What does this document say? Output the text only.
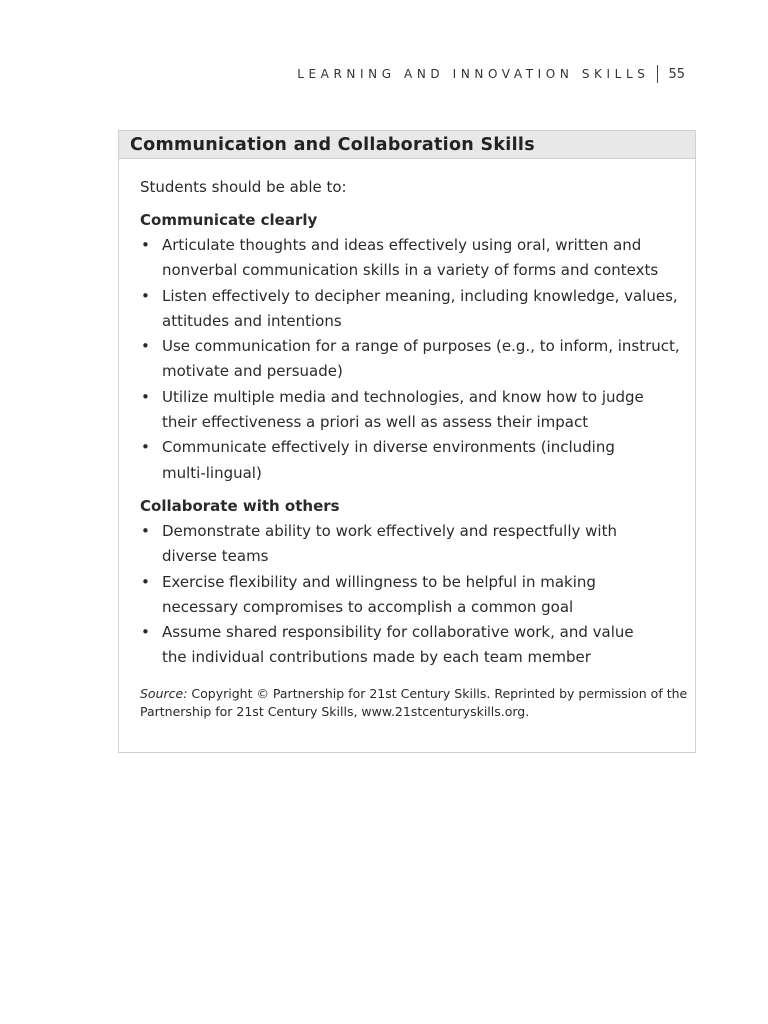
LEARNING AND INNOVATION SKILLS 55
Communication and Collaboration Skills

Students should be able to:

Communicate clearly

• Articulate thoughts and ideas effectively using oral, written and
nonverbal communication skills in a variety of forms and contexts
• Listen effectively to decipher meaning, including knowledge, values,
attitudes and intentions
• Use communication for a range of purposes (e.g., to inform, instruct,
motivate and persuade)
• Utilize multiple media and technologies, and know how to judge
their effectiveness a priori as well as assess their impact
• Communicate effectively in diverse environments (including
multi-lingual)

Collaborate with others

• Demonstrate ability to work effectively and respectfully with
diverse teams
• Exercise flexibility and willingness to be helpful in making
necessary compromises to accomplish a common goal
• Assume shared responsibility for collaborative work, and value
the individual contributions made by each team member
Source: Copyright © Partnership for 21st Century Skills. Reprinted by permission of the
Partnership for 21st Century Skills, www.21stcenturyskills.org.
